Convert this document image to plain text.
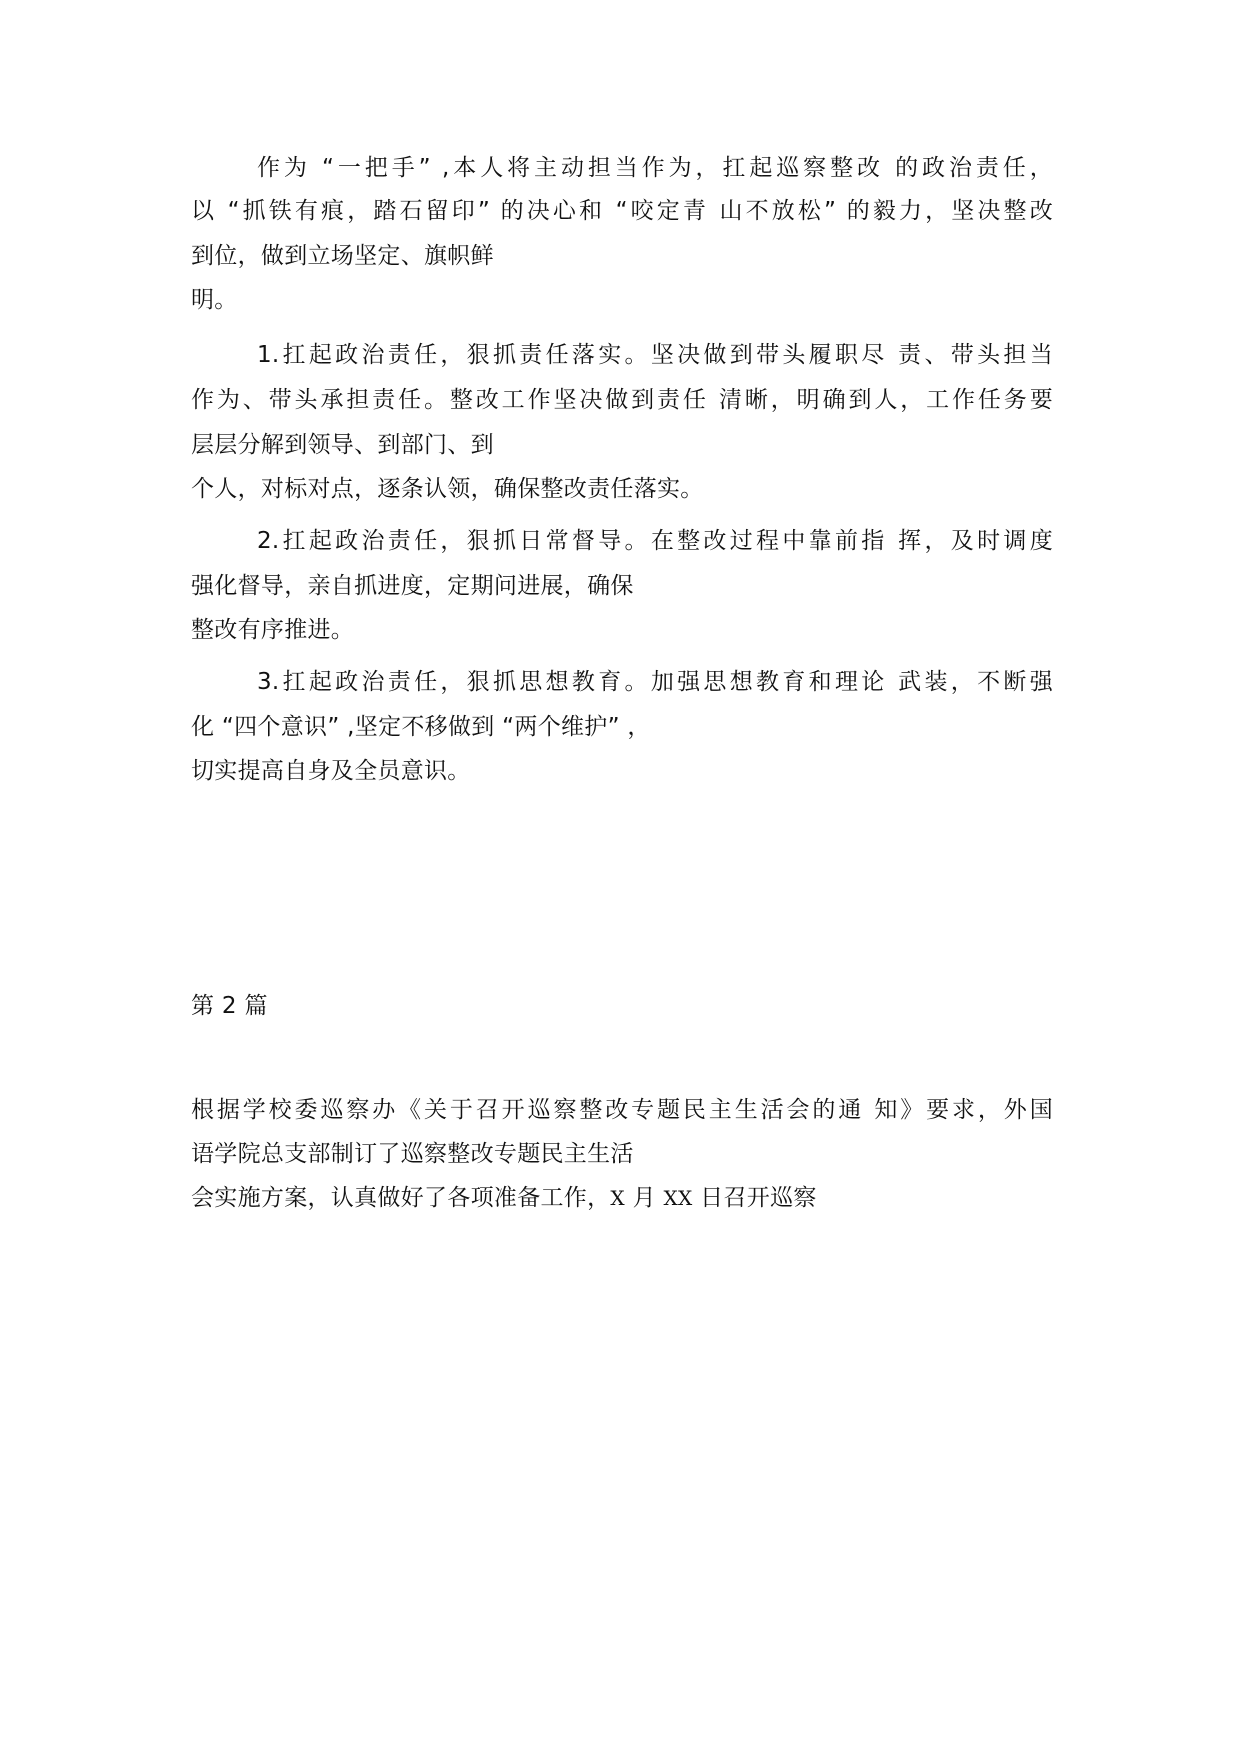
作为 “一把手” ,本人将主动担当作为，扛起巡察整改 的政治责任，
以 “抓铁有痕，踏石留印” 的决心和 “咬定青 山不放松” 的毅力，坚决整改
到位，做到立场坚定、旗帜鲜
明。
1.扛起政治责任，狠抓责任落实。坚决做到带头履职尽 责、带头担当
作为、带头承担责任。整改工作坚决做到责任 清晰，明确到人，工作任务要
层层分解到领导、到部门、到
个人，对标对点，逐条认领，确保整改责任落实。
2.扛起政治责任，狠抓日常督导。在整改过程中靠前指 挥，及时调度
强化督导，亲自抓进度，定期问进展，确保
整改有序推进。
3.扛起政治责任，狠抓思想教育。加强思想教育和理论 武装，不断强
化 “四个意识” ,坚定不移做到 “两个维护” ，
切实提高自身及全员意识。
第 2 篇
根据学校委巡察办《关于召开巡察整改专题民主生活会的通 知》要求，外国
语学院总支部制订了巡察整改专题民主生活
会实施方案，认真做好了各项准备工作，X 月 XX 日召开巡察
